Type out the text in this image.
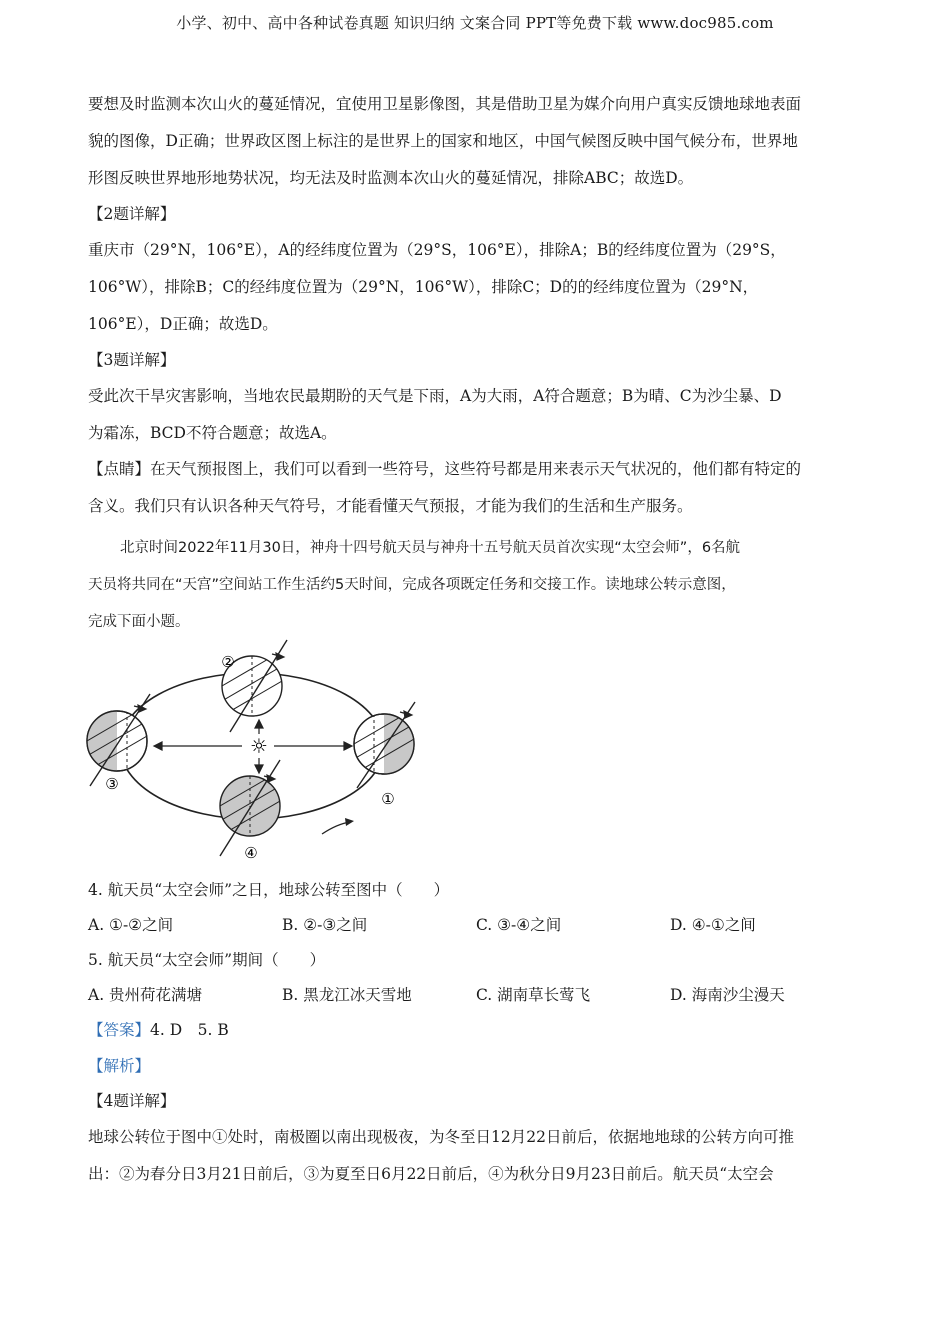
小学、初中、高中各种试卷真题 知识归纳 文案合同 PPT等免费下载 www.doc985.com
要想及时监测本次山火的蔓延情况，宜使用卫星影像图，其是借助卫星为媒介向用户真实反馈地球地表面
貌的图像，D正确；世界政区图上标注的是世界上的国家和地区，中国气候图反映中国气候分布，世界地
形图反映世界地形地势状况，均无法及时监测本次山火的蔓延情况，排除ABC；故选D。
【2题详解】
重庆市（29°N，106°E），A的经纬度位置为（29°S，106°E），排除A；B的经纬度位置为（29°S，
106°W），排除B；C的经纬度位置为（29°N，106°W），排除C；D的的经纬度位置为（29°N，
106°E），D正确；故选D。
【3题详解】
受此次干旱灾害影响，当地农民最期盼的天气是下雨，A为大雨，A符合题意；B为晴、C为沙尘暴、D
为霜冻，BCD不符合题意；故选A。
【点睛】在天气预报图上，我们可以看到一些符号，这些符号都是用来表示天气状况的，他们都有特定的
含义。我们只有认识各种天气符号，才能看懂天气预报，才能为我们的生活和生产服务。
北京时间2022年11月30日，神舟十四号航天员与神舟十五号航天员首次实现“太空会师”，6名航
天员将共同在“天宫”空间站工作生活约5天时间，完成各项既定任务和交接工作。读地球公转示意图，
完成下面小题。
4. 航天员“太空会师”之日，地球公转至图中（　　）
A. ①-②之间	B. ②-③之间	C. ③-④之间	D. ④-①之间
5. 航天员“太空会师”期间（　　）
A. 贵州荷花满塘	B. 黑龙江冰天雪地	C. 湖南草长莺飞	D. 海南沙尘漫天
【答案】4. D　5. B
【解析】
【4题详解】
地球公转位于图中①处时，南极圈以南出现极夜，为冬至日12月22日前后，依据地地球的公转方向可推
出：②为春分日3月21日前后，③为夏至日6月22日前后，④为秋分日9月23日前后。航天员“太空会
☼
②
③
①
④
